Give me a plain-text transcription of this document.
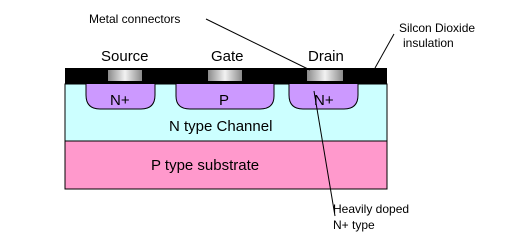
Metal connectors
Silcon Dioxide
insulation
Source	Gate	Drain
N+	P	N+
N type Channel
P type substrate
Heavily doped
N+ type
